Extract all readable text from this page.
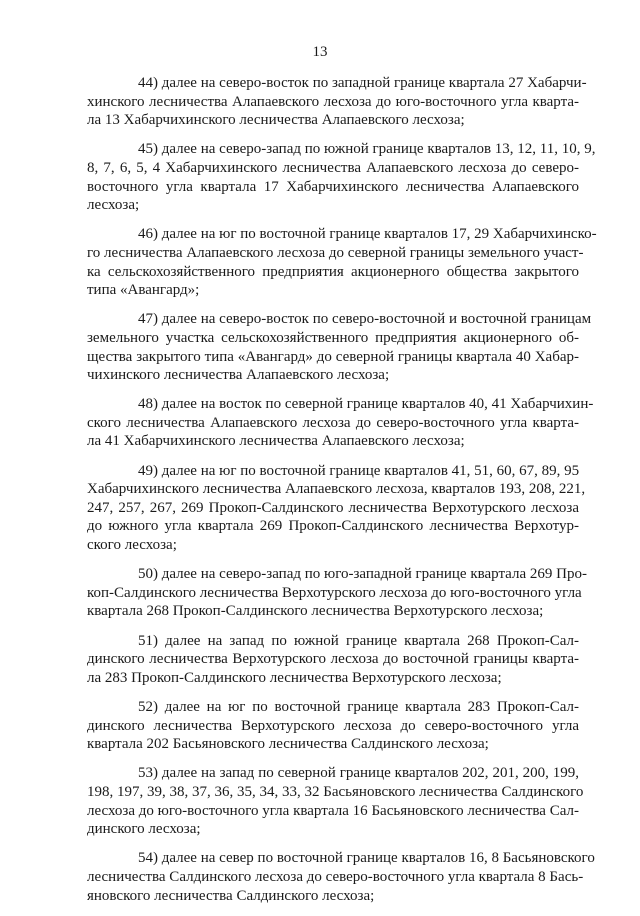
13
44) далее на северо-восток по западной границе квартала 27 Хабарчи-
хинского лесничества Алапаевского лесхоза до юго-восточного угла кварта-
ла 13 Хабарчихинского лесничества Алапаевского лесхоза;
45) далее на северо-запад по южной границе кварталов 13, 12, 11, 10, 9,
8, 7, 6, 5, 4 Хабарчихинского лесничества Алапаевского лесхоза до северо-
восточного угла квартала 17 Хабарчихинского лесничества Алапаевского
лесхоза;
46) далее на юг по восточной границе кварталов 17, 29 Хабарчихинско-
го лесничества Алапаевского лесхоза до северной границы земельного участ-
ка сельскохозяйственного предприятия акционерного общества закрытого
типа «Авангард»;
47) далее на северо-восток по северо-восточной и восточной границам
земельного участка сельскохозяйственного предприятия акционерного об-
щества закрытого типа «Авангард» до северной границы квартала 40 Хабар-
чихинского лесничества Алапаевского лесхоза;
48) далее на восток по северной границе кварталов 40, 41 Хабарчихин-
ского лесничества Алапаевского лесхоза до северо-восточного угла кварта-
ла 41 Хабарчихинского лесничества Алапаевского лесхоза;
49) далее на юг по восточной границе кварталов 41, 51, 60, 67, 89, 95
Хабарчихинского лесничества Алапаевского лесхоза, кварталов 193, 208, 221,
247, 257, 267, 269 Прокоп-Салдинского лесничества Верхотурского лесхоза
до южного угла квартала 269 Прокоп-Салдинского лесничества Верхотур-
ского лесхоза;
50) далее на северо-запад по юго-западной границе квартала 269 Про-
коп-Салдинского лесничества Верхотурского лесхоза до юго-восточного угла
квартала 268 Прокоп-Салдинского лесничества Верхотурского лесхоза;
51) далее на запад по южной границе квартала 268 Прокоп-Сал-
динского лесничества Верхотурского лесхоза до восточной границы кварта-
ла 283 Прокоп-Салдинского лесничества Верхотурского лесхоза;
52) далее на юг по восточной границе квартала 283 Прокоп-Сал-
динского лесничества Верхотурского лесхоза до северо-восточного угла
квартала 202 Басьяновского лесничества Салдинского лесхоза;
53) далее на запад по северной границе кварталов 202, 201, 200, 199,
198, 197, 39, 38, 37, 36, 35, 34, 33, 32 Басьяновского лесничества Салдинского
лесхоза до юго-восточного угла квартала 16 Басьяновского лесничества Сал-
динского лесхоза;
54) далее на север по восточной границе кварталов 16, 8 Басьяновского
лесничества Салдинского лесхоза до северо-восточного угла квартала 8 Бась-
яновского лесничества Салдинского лесхоза;
